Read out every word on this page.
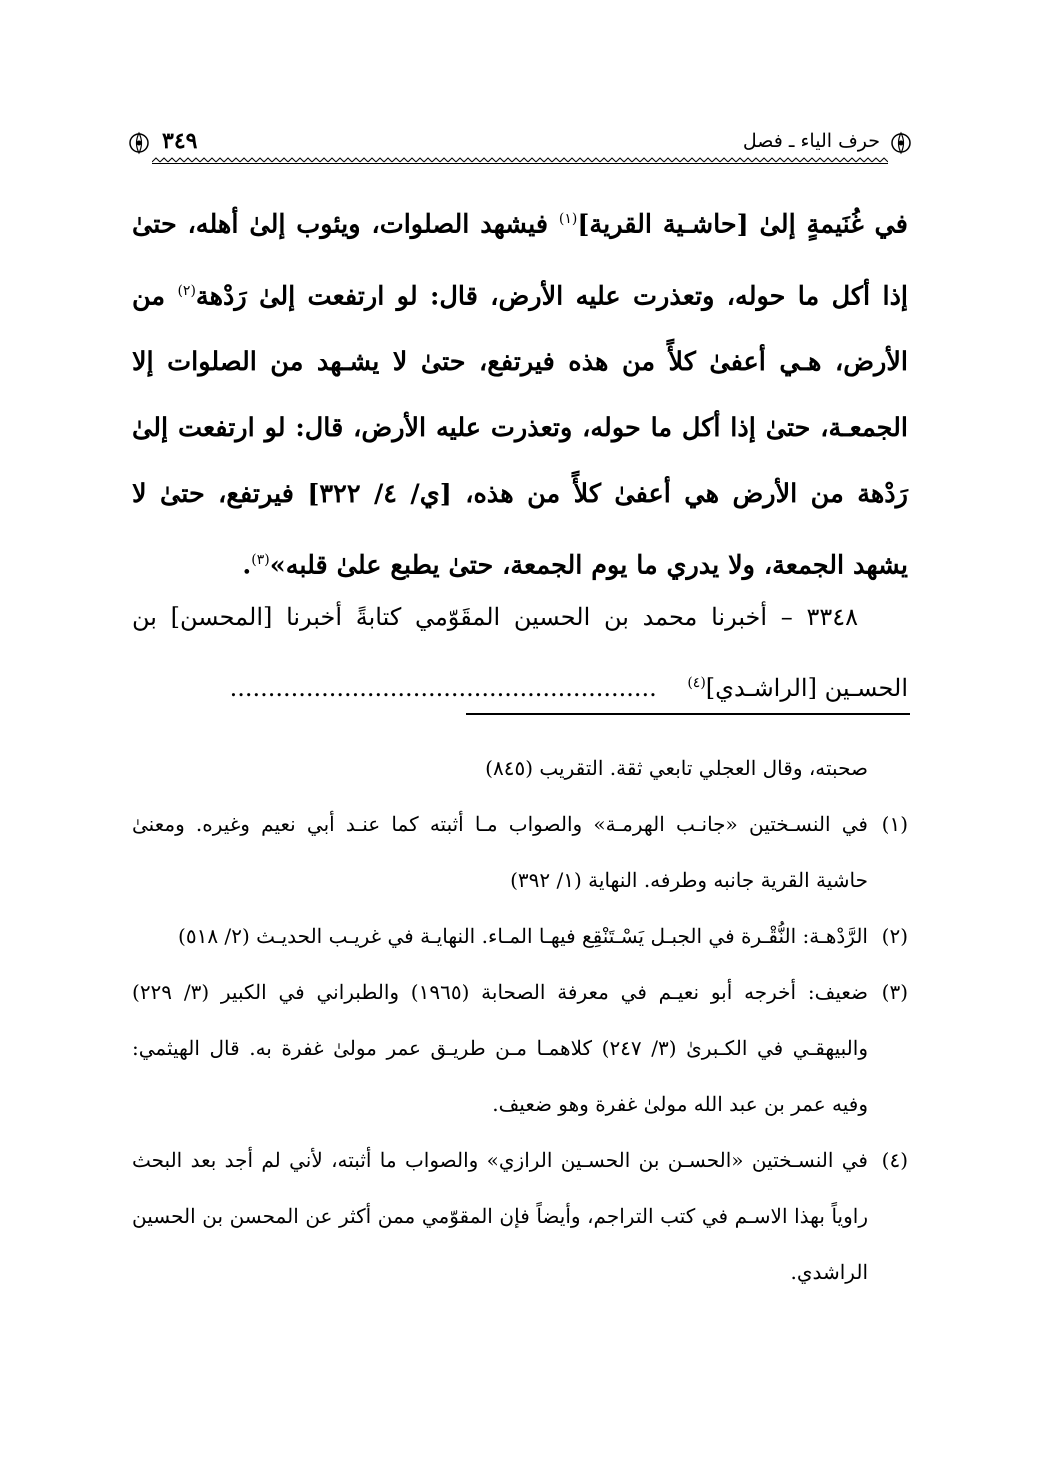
حرف الياء ـ فصل
٣٤٩

في غُنَيمةٍ إلىٰ [حاشـية القرية]$^{(١)}$ فيشهد الصلوات، ويئوب إلىٰ أهله، حتىٰ إذا أكل ما حوله، وتعذرت عليه الأرض، قال: لو ارتفعت إلىٰ رَدْهة$^{(٢)}$ من الأرض، هـي أعفىٰ كلأً من هذه فيرتفع، حتىٰ لا يشـهد من الصلوات إلا الجمعـة، حتىٰ إذا أكل ما حوله، وتعذرت عليه الأرض، قال: لو ارتفعت إلىٰ رَدْهة من الأرض هي أعفىٰ كلأً من هذه، [ي/ ٤/ ٣٢٢] فيرتفع، حتىٰ لا يشهد الجمعة، ولا يدري ما يوم الجمعة، حتىٰ يطبع علىٰ قلبه»$^{(٣)}$.

٣٣٤٨ – أخبرنا محمد بن الحسين المقَوّمي كتابةً أخبرنا [المحسن] بن الحسـين [الراشـدي]$^{(٤)}$    ........................................................

صحبته، وقال العجلي تابعي ثقة. التقريب (٨٤٥)
(١)
في النسـختين «جانـب الهرمـة» والصواب مـا أثبته كما عنـد أبي نعيم وغيره. ومعنىٰ حاشية القرية جانبه وطرفه. النهاية (١/ ٣٩٢)
(٢)
الرَّدْهـة: النُّقْـرة في الجبـل يَسْـتَنْقِع فيهـا المـاء. النهايـة في غريـب الحديـث (٢/ ٥١٨)
(٣)
ضعيف: أخرجه أبو نعيـم في معرفة الصحابة (١٩٦٥) والطبراني في الكبير (٣/ ٢٢٩) والبيهقـي في الكـبرىٰ (٣/ ٢٤٧) كلاهمـا مـن طريـق عمر مولىٰ غفرة به. قال الهيثمي: وفيه عمر بن عبد الله مولىٰ غفرة وهو ضعيف.
(٤)
في النسـختين «الحسـن بن الحسـين الرازي» والصواب ما أثبته، لأني لم أجد بعد البحث راوياً بهذا الاسـم في كتب التراجم، وأيضاً فإن المقوّمي ممن أكثر عن المحسن بن الحسين الراشدي.
